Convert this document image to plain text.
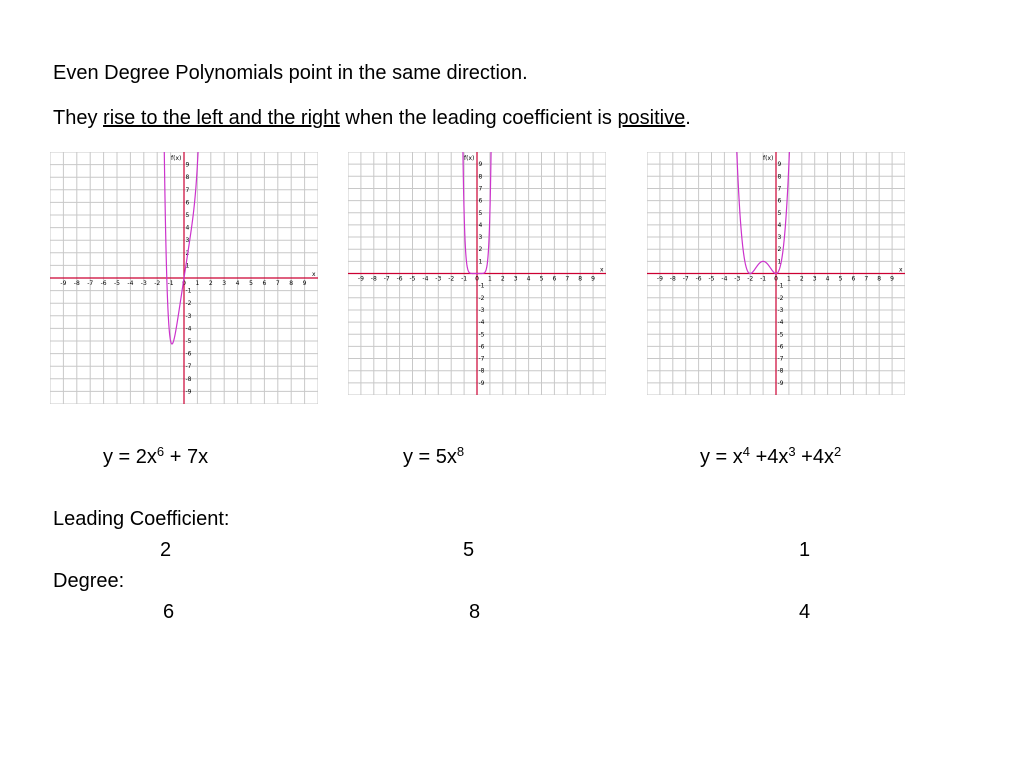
Even Degree Polynomials point in the same direction.
They rise to the left and the right when the leading coefficient is positive.
-9 -8 -7 -6 -5 -4 -3 -2 -1 0 1 2 3 4 5 6 7 8 9
9
8
7
6
5
4
3
2
1
-1
-2
-3
-4
-5
-6
-7
-8
-9
x
f(x)
-9 -8 -7 -6 -5 -4 -3 -2 -1 0 1 2 3 4 5 6 7 8 9
9
8
7
6
5
4
3
2
1
-1
-2
-3
-4
-5
-6
-7
-8
-9
x
f(x)
-9 -8 -7 -6 -5 -4 -3 -2 -1 0 1 2 3 4 5 6 7 8 9
9
8
7
6
5
4
3
2
1
-1
-2
-3
-4
-5
-6
-7
-8
-9
x
f(x)
$y = 2x^6 + 7x$	$y = 5x^8$	$y = x^4 +4x^3 +4x^2$
Leading Coefficient:
2	5	1
Degree:
6	8	4
